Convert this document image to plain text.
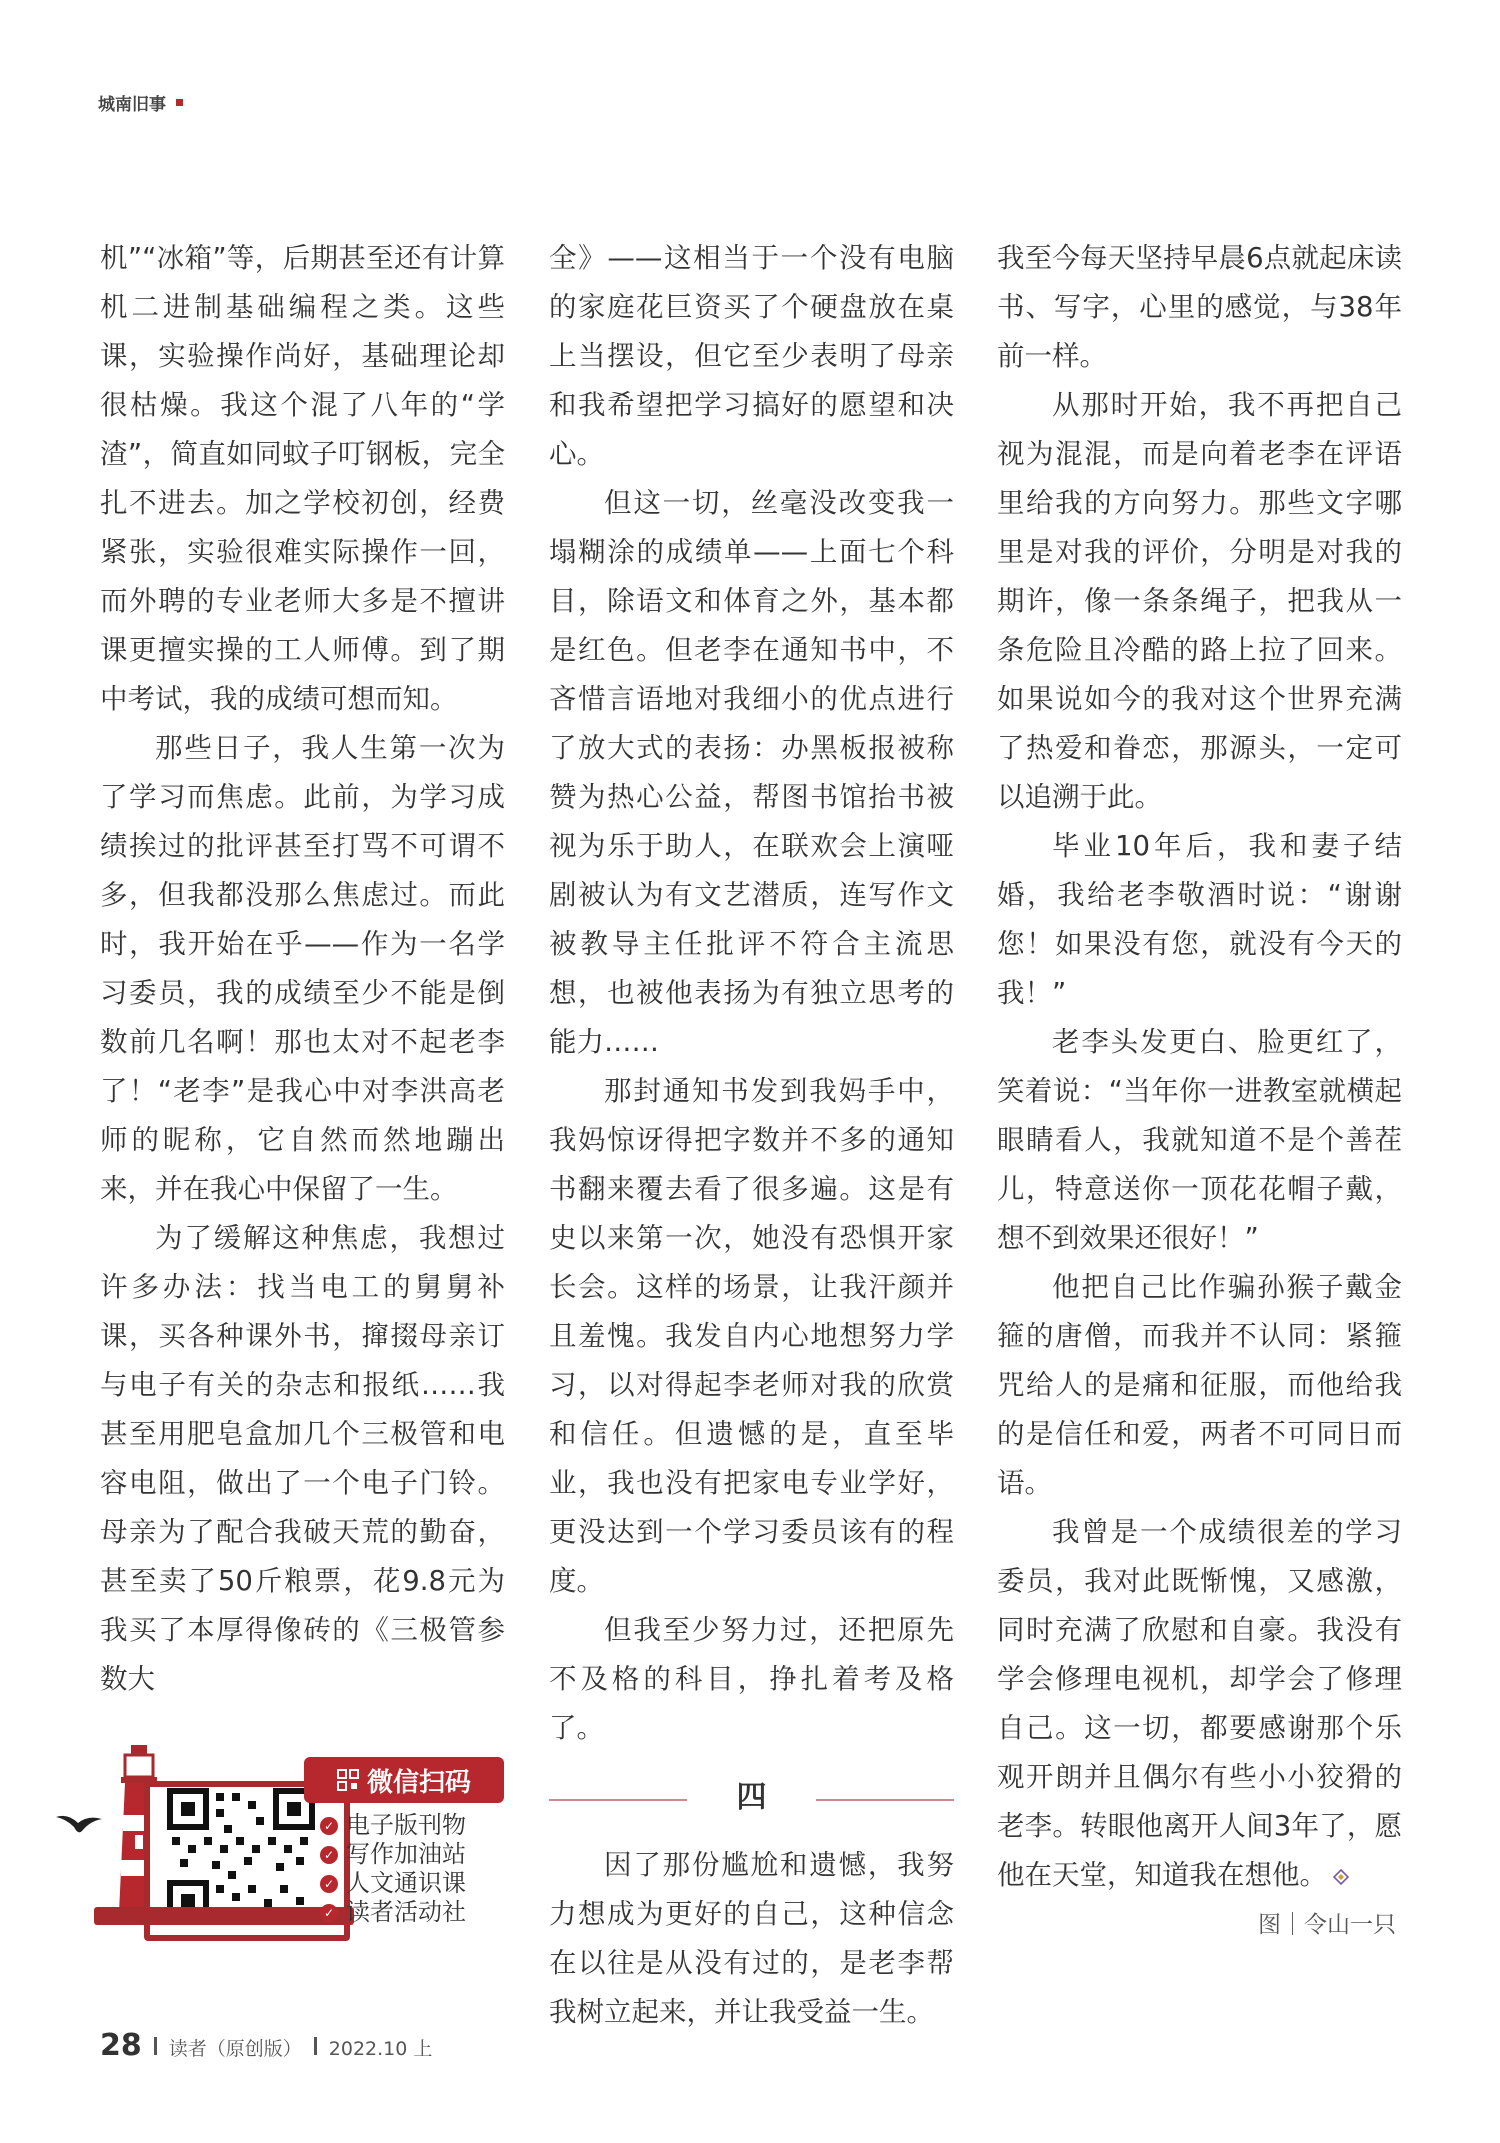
城南旧事

机”“冰箱”等，后期甚至还有计算机二进制基础编程之类。这些课，实验操作尚好，基础理论却很枯燥。我这个混了八年的“学渣”，简直如同蚊子叮钢板，完全扎不进去。加之学校初创，经费紧张，实验很难实际操作一回，而外聘的专业老师大多是不擅讲课更擅实操的工人师傅。到了期中考试，我的成绩可想而知。

那些日子，我人生第一次为了学习而焦虑。此前，为学习成绩挨过的批评甚至打骂不可谓不多，但我都没那么焦虑过。而此时，我开始在乎——作为一名学习委员，我的成绩至少不能是倒数前几名啊！那也太对不起老李了！“老李”是我心中对李洪高老师的昵称，它自然而然地蹦出来，并在我心中保留了一生。

为了缓解这种焦虑，我想过许多办法：找当电工的舅舅补课，买各种课外书，撺掇母亲订与电子有关的杂志和报纸……我甚至用肥皂盒加几个三极管和电容电阻，做出了一个电子门铃。母亲为了配合我破天荒的勤奋，甚至卖了50斤粮票，花9.8元为我买了本厚得像砖的《三极管参数大

全》——这相当于一个没有电脑的家庭花巨资买了个硬盘放在桌上当摆设，但它至少表明了母亲和我希望把学习搞好的愿望和决心。

但这一切，丝毫没改变我一塌糊涂的成绩单——上面七个科目，除语文和体育之外，基本都是红色。但老李在通知书中，不吝惜言语地对我细小的优点进行了放大式的表扬：办黑板报被称赞为热心公益，帮图书馆抬书被视为乐于助人，在联欢会上演哑剧被认为有文艺潜质，连写作文被教导主任批评不符合主流思想，也被他表扬为有独立思考的能力……

那封通知书发到我妈手中，我妈惊讶得把字数并不多的通知书翻来覆去看了很多遍。这是有史以来第一次，她没有恐惧开家长会。这样的场景，让我汗颜并且羞愧。我发自内心地想努力学习，以对得起李老师对我的欣赏和信任。但遗憾的是，直至毕业，我也没有把家电专业学好，更没达到一个学习委员该有的程度。

但我至少努力过，还把原先不及格的科目，挣扎着考及格了。

四

因了那份尴尬和遗憾，我努力想成为更好的自己，这种信念在以往是从没有过的，是老李帮我树立起来，并让我受益一生。

我至今每天坚持早晨6点就起床读书、写字，心里的感觉，与38年前一样。

从那时开始，我不再把自己视为混混，而是向着老李在评语里给我的方向努力。那些文字哪里是对我的评价，分明是对我的期许，像一条条绳子，把我从一条危险且冷酷的路上拉了回来。如果说如今的我对这个世界充满了热爱和眷恋，那源头，一定可以追溯于此。

毕业10年后，我和妻子结婚，我给老李敬酒时说：“谢谢您！如果没有您，就没有今天的我！”

老李头发更白、脸更红了，笑着说：“当年你一进教室就横起眼睛看人，我就知道不是个善茬儿，特意送你一顶花花帽子戴，想不到效果还很好！”

他把自己比作骗孙猴子戴金箍的唐僧，而我并不认同：紧箍咒给人的是痛和征服，而他给我的是信任和爱，两者不可同日而语。

我曾是一个成绩很差的学习委员，我对此既惭愧，又感激，同时充满了欣慰和自豪。我没有学会修理电视机，却学会了修理自己。这一切，都要感谢那个乐观开朗并且偶尔有些小小狡猾的老李。转眼他离开人间3年了，愿他在天堂，知道我在想他。

图｜令山一只
微信扫码
✓ 电子版刊物
✓ 写作加油站
✓ 人文通识课
✓ 读者活动社
28 读者（原创版） 2022.10 上
